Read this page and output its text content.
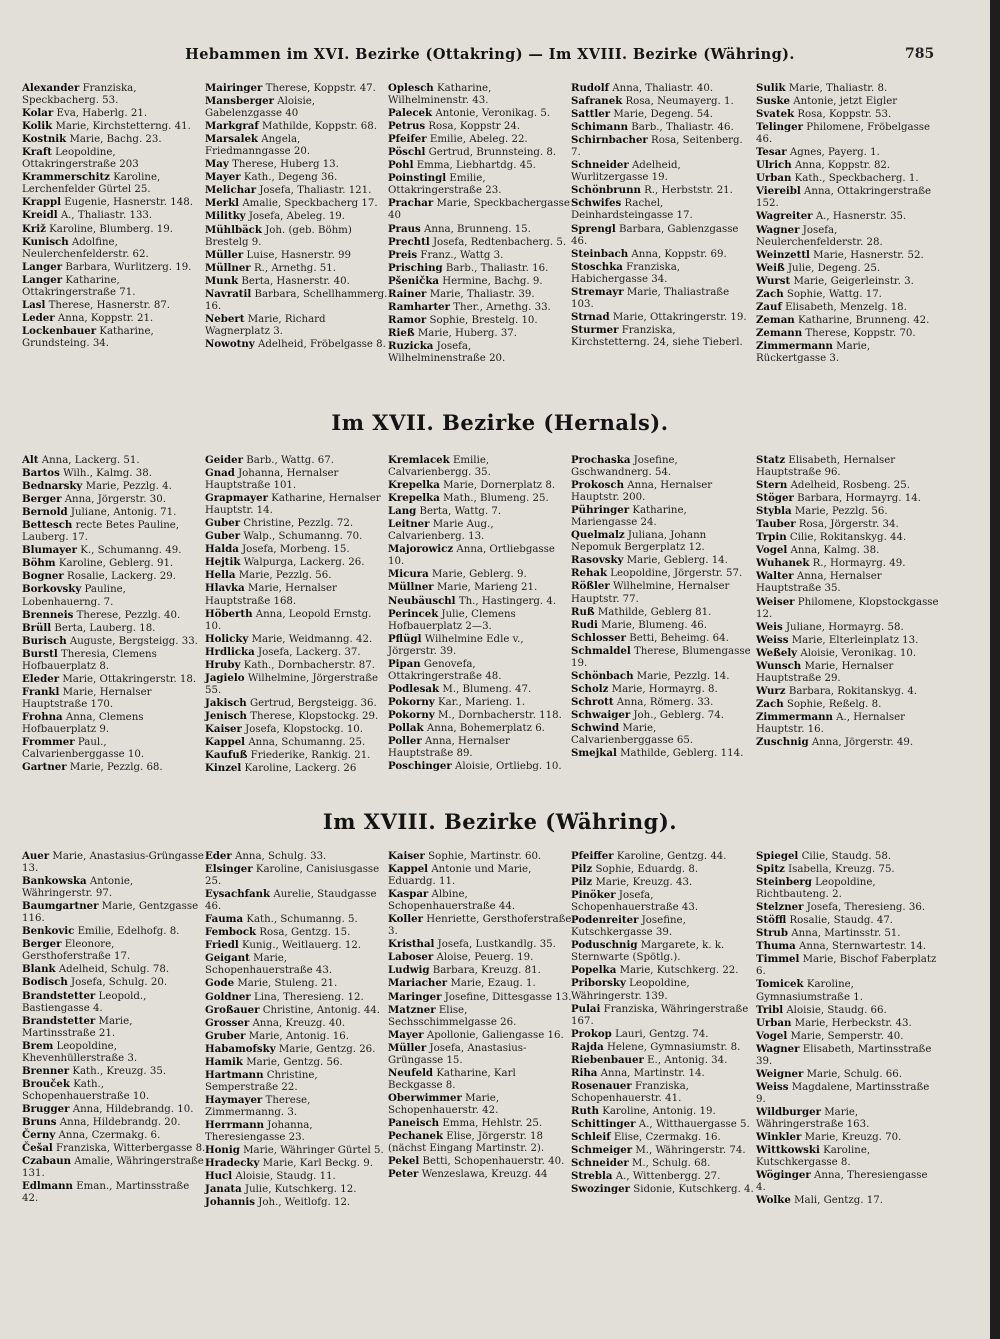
Hebammen im XVI. Bezirke (Ottakring) — Im XVIII. Bezirke (Währing).	785
Alexander Franziska, Speckbacherg. 53.
Kolar Eva, Haberlg. 21.
Kolik Marie, Kirchstetterng. 41.
Kostnik Marie, Bachg. 23.
Kraft Leopoldine, Ottakringerstraße 203
Krammerschitz Karoline, Lerchenfelder Gürtel 25.
Krappl Eugenie, Hasnerstr. 148.
Kreidl A., Thaliastr. 133.
Križ Karoline, Blumberg. 19.
Kunisch Adolfine, Neulerchenfelderstr. 62.
Langer Barbara, Wurlitzerg. 19.
Langer Katharine, Ottakringerstraße 71.
Lasl Therese, Hasnerstr. 87.
Leder Anna, Koppstr. 21.
Lockenbauer Katharine, Grundsteing. 34.
Mairinger Therese, Koppstr. 47.
Mansberger Aloisie, Gabelenzgasse 40
Markgraf Mathilde, Koppstr. 68.
Marsalek Angela, Friedmanngasse 20.
May Therese, Huberg 13.
Mayer Kath., Degeng 36.
Melichar Josefa, Thaliastr. 121.
Merkl Amalie, Speckbacherg 17.
Militky Josefa, Abeleg. 19.
Mühlbäck Joh. (geb. Böhm) Brestelg 9.
Müller Luise, Hasnerstr. 99
Müllner R., Arnethg. 51.
Munk Berta, Hasnerstr. 40.
Navratil Barbara, Schellhammerg. 16.
Nebert Marie, Richard Wagnerplatz 3.
Nowotny Adelheid, Fröbelgasse 8.
Oplesch Katharine, Wilhelminenstr. 43.
Palecek Antonie, Veronikag. 5.
Petrus Rosa, Koppstr 24.
Pfeifer Emilie, Abeleg. 22.
Pöschl Gertrud, Brunnsteing. 8.
Pohl Emma, Liebhartdg. 45.
Poinstingl Emilie, Ottakringerstraße 23.
Prachar Marie, Speckbachergasse 40
Praus Anna, Brunneng. 15.
Prechtl Josefa, Redtenbacherg. 5.
Preis Franz., Wattg 3.
Prisching Barb., Thaliastr. 16.
Pšenička Hermine, Bachg. 9.
Rainer Marie, Thaliastr. 39.
Ramharter Ther., Arnethg. 33.
Ramor Sophie, Brestelg. 10.
Rieß Marie, Huberg. 37.
Ruzicka Josefa, Wilhelminenstraße 20.
Rudolf Anna, Thaliastr. 40.
Safranek Rosa, Neumayerg. 1.
Sattler Marie, Degeng. 54.
Schimann Barb., Thaliastr. 46.
Schirnbacher Rosa, Seitenberg. 7.
Schneider Adelheid, Wurlitzergasse 19.
Schönbrunn R., Herbststr. 21.
Schwifes Rachel, Deinhardsteingasse 17.
Sprengl Barbara, Gablenzgasse 46.
Steinbach Anna, Koppstr. 69.
Stoschka Franziska, Habichergasse 34.
Stremayr Marie, Thaliastraße 103.
Strnad Marie, Ottakringerstr. 19.
Sturmer Franziska, Kirchstetterng. 24, siehe Tieberl.
Sulik Marie, Thaliastr. 8.
Suske Antonie, jetzt Eigler
Svatek Rosa, Koppstr. 53.
Telinger Philomene, Fröbelgasse 46.
Tesar Agnes, Payerg. 1.
Ulrich Anna, Koppstr. 82.
Urban Kath., Speckbacherg. 1.
Viereibl Anna, Ottakringerstraße 152.
Wagreiter A., Hasnerstr. 35.
Wagner Josefa, Neulerchenfelderstr. 28.
Weinzettl Marie, Hasnerstr. 52.
Weiß Julie, Degeng. 25.
Wurst Marie, Geigerleinstr. 3.
Zach Sophie, Wattg. 17.
Zauf Elisabeth, Menzelg. 18.
Zeman Katharine, Brunneng. 42.
Zemann Therese, Koppstr. 70.
Zimmermann Marie, Rückertgasse 3.
Im XVII. Bezirke (Hernals).
Alt Anna, Lackerg. 51.
Bartos Wilh., Kalmg. 38.
Bednarsky Marie, Pezzlg. 4.
Berger Anna, Jörgerstr. 30.
Bernold Juliane, Antonig. 71.
Bettesch recte Betes Pauline, Lauberg. 17.
Blumayer K., Schumanng. 49.
Böhm Karoline, Geblerg. 91.
Bogner Rosalie, Lackerg. 29.
Borkovsky Pauline, Lobenhauerng. 7.
Brenneis Therese, Pezzlg. 40.
Brüll Berta, Lauberg. 18.
Burisch Auguste, Bergsteigg. 33.
Burstl Theresia, Clemens Hofbauerplatz 8.
Eleder Marie, Ottakringerstr. 18.
Frankl Marie, Hernalser Hauptstraße 170.
Frohna Anna, Clemens Hofbauerplatz 9.
Frommer Paul., Calvarienberggasse 10.
Gartner Marie, Pezzlg. 68.
Geider Barb., Wattg. 67.
Gnad Johanna, Hernalser Hauptstraße 101.
Grapmayer Katharine, Hernalser Hauptstr. 14.
Guber Christine, Pezzlg. 72.
Guber Walp., Schumanng. 70.
Halda Josefa, Morbeng. 15.
Hejtik Walpurga, Lackerg. 26.
Hella Marie, Pezzlg. 56.
Hlavka Marie, Hernalser Hauptstraße 168.
Höberth Anna, Leopold Ernstg. 10.
Holicky Marie, Weidmanng. 42.
Hrdlicka Josefa, Lackerg. 37.
Hruby Kath., Dornbacherstr. 87.
Jagielo Wilhelmine, Jörgerstraße 55.
Jakisch Gertrud, Bergsteigg. 36.
Jenisch Therese, Klopstockg. 29.
Kaiser Josefa, Klopstockg. 10.
Kappel Anna, Schumanng. 25.
Kaufuß Friederike, Rankig. 21.
Kinzel Karoline, Lackerg. 26
Kremlacek Emilie, Calvarienbergg. 35.
Krepelka Marie, Dornerplatz 8.
Krepelka Math., Blumeng. 25.
Lang Berta, Wattg. 7.
Leitner Marie Aug., Calvarienberg. 13.
Majorowicz Anna, Ortliebgasse 10.
Micura Marie, Geblerg. 9.
Müllner Marie, Marieng 21.
Neubäuschl Th., Hastingerg. 4.
Perincek Julie, Clemens Hofbauerplatz 2—3.
Pflügl Wilhelmine Edle v., Jörgerstr. 39.
Pipan Genovefa, Ottakringerstraße 48.
Podlesak M., Blumeng. 47.
Pokorny Kar., Marieng. 1.
Pokorny M., Dornbacherstr. 118.
Pollak Anna, Bohemerplatz 6.
Poller Anna, Hernalser Hauptstraße 89.
Poschinger Aloisie, Ortliebg. 10.
Prochaska Josefine, Gschwandnerg. 54.
Prokosch Anna, Hernalser Hauptstr. 200.
Pühringer Katharine, Mariengasse 24.
Quelmalz Juliana, Johann Nepomuk Bergerplatz 12.
Rasovsky Marie, Geblerg. 14.
Rehak Leopoldine, Jörgerstr. 57.
Rößler Wilhelmine, Hernalser Hauptstr. 77.
Ruß Mathilde, Geblerg 81.
Rudi Marie, Blumeng. 46.
Schlosser Betti, Beheimg. 64.
Schmaldel Therese, Blumengasse 19.
Schönbach Marie, Pezzlg. 14.
Scholz Marie, Hormayrg. 8.
Schrott Anna, Römerg. 33.
Schwaiger Joh., Geblerg. 74.
Schwind Marie, Calvarienberggasse 65.
Smejkal Mathilde, Geblerg. 114.
Statz Elisabeth, Hernalser Hauptstraße 96.
Stern Adelheid, Rosbeng. 25.
Stöger Barbara, Hormayrg. 14.
Stybla Marie, Pezzlg. 56.
Tauber Rosa, Jörgerstr. 34.
Trpin Cilie, Rokitanskyg. 44.
Vogel Anna, Kalmg. 38.
Wuhanek R., Hormayrg. 49.
Walter Anna, Hernalser Hauptstraße 35.
Weiser Philomene, Klopstockgasse 12.
Weis Juliane, Hormayrg. 58.
Weiss Marie, Elterleinplatz 13.
Weßely Aloisie, Veronikag. 10.
Wunsch Marie, Hernalser Hauptstraße 29.
Wurz Barbara, Rokitanskyg. 4.
Zach Sophie, Reßelg. 8.
Zimmermann A., Hernalser Hauptstr. 16.
Zuschnig Anna, Jörgerstr. 49.
Im XVIII. Bezirke (Währing).
Auer Marie, Anastasius-Grüngasse 13.
Bankowska Antonie, Währingerstr. 97.
Baumgartner Marie, Gentzgasse 116.
Benkovic Emilie, Edelhofg. 8.
Berger Eleonore, Gersthoferstraße 17.
Blank Adelheid, Schulg. 78.
Bodisch Josefa, Schulg. 20.
Brandstetter Leopold., Bastiengasse 4.
Brandstetter Marie, Martinsstraße 21.
Brem Leopoldine, Khevenhüllerstraße 3.
Brenner Kath., Kreuzg. 35.
Brouček Kath., Schopenhauerstraße 10.
Brugger Anna, Hildebrandg. 10.
Bruns Anna, Hildebrandg. 20.
Černy Anna, Czermakg. 6.
Češal Franziska, Witterbergasse 8.
Czabaun Amalie, Währingerstraße 131.
Edlmann Eman., Martinsstraße 42.
Eder Anna, Schulg. 33.
Elsinger Karoline, Canisiusgasse 25.
Eysachfank Aurelie, Staudgasse 46.
Fauma Kath., Schumanng. 5.
Fembock Rosa, Gentzg. 15.
Friedl Kunig., Weitlauerg. 12.
Geigant Marie, Schopenhauerstraße 43.
Gode Marie, Stuleng. 21.
Goldner Lina, Theresieng. 12.
Großauer Christine, Antonig. 44.
Grosser Anna, Kreuzg. 40.
Gruber Marie, Antonig. 16.
Habamofsky Marie, Gentzg. 26.
Hamik Marie, Gentzg. 56.
Hartmann Christine, Semperstraße 22.
Haymayer Therese, Zimmermanng. 3.
Herrmann Johanna, Theresiengasse 23.
Honig Marie, Währinger Gürtel 5.
Hradecky Marie, Karl Beckg. 9.
Hucl Aloisie, Staudg. 11.
Janata Julie, Kutschkerg. 12.
Johannis Joh., Weitlofg. 12.
Kaiser Sophie, Martinstr. 60.
Kappel Antonie und Marie, Eduardg. 11.
Kaspar Albine, Schopenhauerstraße 44.
Koller Henriette, Gersthoferstraße 3.
Kristhal Josefa, Lustkandlg. 35.
Laboser Aloise, Peuerg. 19.
Ludwig Barbara, Kreuzg. 81.
Mariacher Marie, Ezaug. 1.
Maringer Josefine, Dittesgasse 13.
Matzner Elise, Sechsschimmelgasse 26.
Mayer Apollonie, Galiengasse 16.
Müller Josefa, Anastasius-Grüngasse 15.
Neufeld Katharine, Karl Beckgasse 8.
Oberwimmer Marie, Schopenhauerstr. 42.
Paneisch Emma, Hehlstr. 25.
Pechanek Elise, Jörgerstr. 18 (nächst Eingang Martinstr. 2).
Pekel Betti, Schopenhauerstr. 40.
Peter Wenzeslawa, Kreuzg. 44
Pfeiffer Karoline, Gentzg. 44.
Pilz Sophie, Eduardg. 8.
Pilz Marie, Kreuzg. 43.
Pinöker Josefa, Schopenhauerstraße 43.
Podenreiter Josefine, Kutschkergasse 39.
Poduschnig Margarete, k. k. Sternwarte (Spötlg.).
Popelka Marie, Kutschkerg. 22.
Priborsky Leopoldine, Währingerstr. 139.
Pulai Franziska, Währingerstraße 167.
Prokop Lauri, Gentzg. 74.
Rajda Helene, Gymnasiumstr. 8.
Riebenbauer E., Antonig. 34.
Riha Anna, Martinstr. 14.
Rosenauer Franziska, Schopenhauerstr. 41.
Ruth Karoline, Antonig. 19.
Schittinger A., Witthauergasse 5.
Schleif Elise, Czermakg. 16.
Schmeiger M., Währingerstr. 74.
Schneider M., Schulg. 68.
Strebla A., Wittenbergg. 27.
Swozinger Sidonie, Kutschkerg. 4.
Spiegel Cilie, Staudg. 58.
Spitz Isabella, Kreuzg. 75.
Steinberg Leopoldine, Richtbauteng. 2.
Stelzner Josefa, Theresieng. 36.
Stöffl Rosalie, Staudg. 47.
Strub Anna, Martinsstr. 51.
Thuma Anna, Sternwartestr. 14.
Timmel Marie, Bischof Faberplatz 6.
Tomicek Karoline, Gymnasiumstraße 1.
Tribl Aloisie, Staudg. 66.
Urban Marie, Herbeckstr. 43.
Vogel Marie, Semperstr. 40.
Wagner Elisabeth, Martinsstraße 39.
Weigner Marie, Schulg. 66.
Weiss Magdalene, Martinsstraße 9.
Wildburger Marie, Währingerstraße 163.
Winkler Marie, Kreuzg. 70.
Wittkowski Karoline, Kutschkergasse 8.
Wöginger Anna, Theresiengasse 4.
Wolke Mali, Gentzg. 17.
